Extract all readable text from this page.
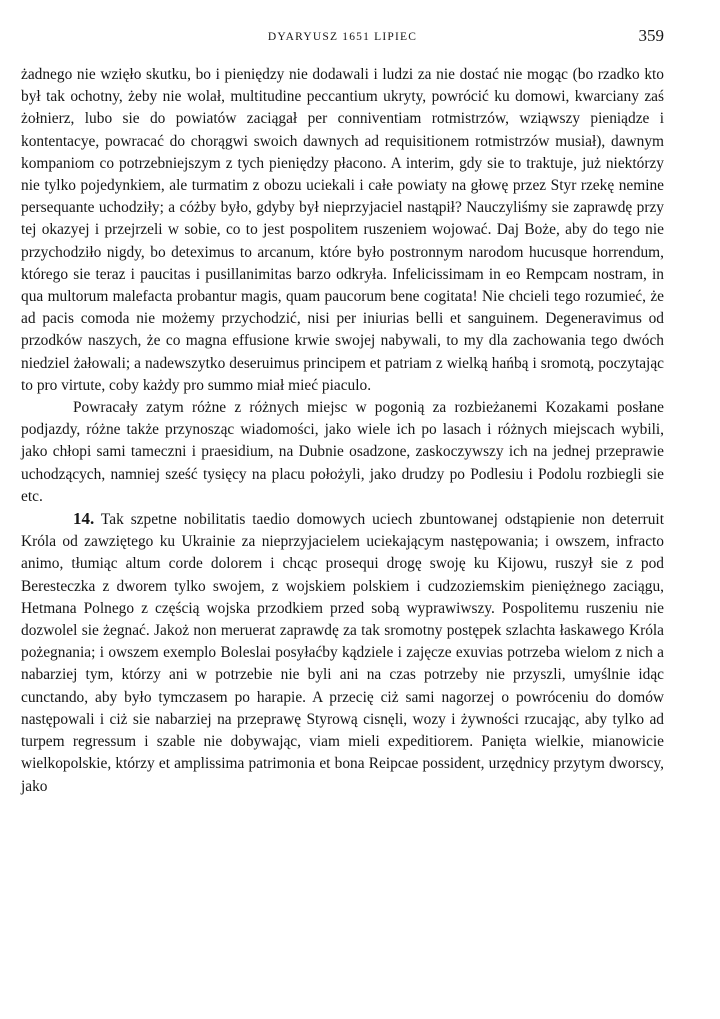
DYARYUSZ 1651 LIPIEC	359

żadnego nie wzięło skutku, bo i pieniędzy nie dodawali i ludzi za nie dostać nie mogąc (bo rzadko kto był tak ochotny, żeby nie wolał, multitudine peccantium ukryty, powrócić ku domowi, kwarciany zaś żołnierz, lubo sie do powiatów zaciągał per conniventiam rotmistrzów, wziąwszy pieniądze i kontentacye, powracać do chorągwi swoich dawnych ad requisitionem rotmistrzów musiał), dawnym kompaniom co potrzebniejszym z tych pieniędzy płacono. A interim, gdy sie to traktuje, już niektórzy nie tylko pojedynkiem, ale turmatim z obozu uciekali i całe powiaty na głowę przez Styr rzekę nemine persequante uchodziły; a cóżby było, gdyby był nieprzyjaciel nastąpił? Nauczyliśmy sie zaprawdę przy tej okazyej i przejrzeli w sobie, co to jest pospolitem ruszeniem wojować. Daj Boże, aby do tego nie przychodziło nigdy, bo deteximus to arcanum, które było postronnym narodom hucusque horrendum, którego sie teraz i paucitas i pusillanimitas barzo odkryła. Infelicissimam in eo Rempcam nostram, in qua multorum malefacta probantur magis, quam paucorum bene cogitata! Nie chcieli tego rozumieć, że ad pacis comoda nie możemy przychodzić, nisi per iniurias belli et sanguinem. Degeneravimus od przodków naszych, że co magna effusione krwie swojej nabywali, to my dla zachowania tego dwóch niedziel żałowali; a nadewszytko deseruimus principem et patriam z wielką hańbą i sromotą, poczytając to pro virtute, coby każdy pro summo miał mieć piaculo.

Powracały zatym różne z różnych miejsc w pogonią za rozbieżanemi Kozakami posłane podjazdy, różne także przynosząc wiadomości, jako wiele ich po lasach i różnych miejscach wybili, jako chłopi sami tameczni i praesidium, na Dubnie osadzone, zaskoczywszy ich na jednej przeprawie uchodzących, namniej sześć tysięcy na placu położyli, jako drudzy po Podlesiu i Podolu rozbiegli sie etc.

14. Tak szpetne nobilitatis taedio domowych uciech zbuntowanej odstąpienie non deterruit Króla od zawziętego ku Ukrainie za nieprzyjacielem uciekającym następowania; i owszem, infracto animo, tłumiąc altum corde dolorem i chcąc prosequi drogę swoję ku Kijowu, ruszył sie z pod Beresteczka z dworem tylko swojem, z wojskiem polskiem i cudzoziemskim pieniężnego zaciągu, Hetmana Polnego z częścią wojska przodkiem przed sobą wyprawiwszy. Pospolitemu ruszeniu nie dozwolel sie żegnać. Jakoż non meruerat zaprawdę za tak sromotny postępek szlachta łaskawego Króla pożegnania; i owszem exemplo Boleslai posyłaćby kądziele i zajęcze exuvias potrzeba wielom z nich a nabarziej tym, którzy ani w potrzebie nie byli ani na czas potrzeby nie przyszli, umyślnie idąc cunctando, aby było tymczasem po harapie. A przecię ciż sami nagorzej o powróceniu do domów następowali i ciż sie nabarziej na przeprawę Styrową cisnęli, wozy i żywności rzucając, aby tylko ad turpem regressum i szable nie dobywając, viam mieli expeditiorem. Panięta wielkie, mianowicie wielkopolskie, którzy et amplissima patrimonia et bona Reipcae possident, urzędnicy przytym dworscy, jako
